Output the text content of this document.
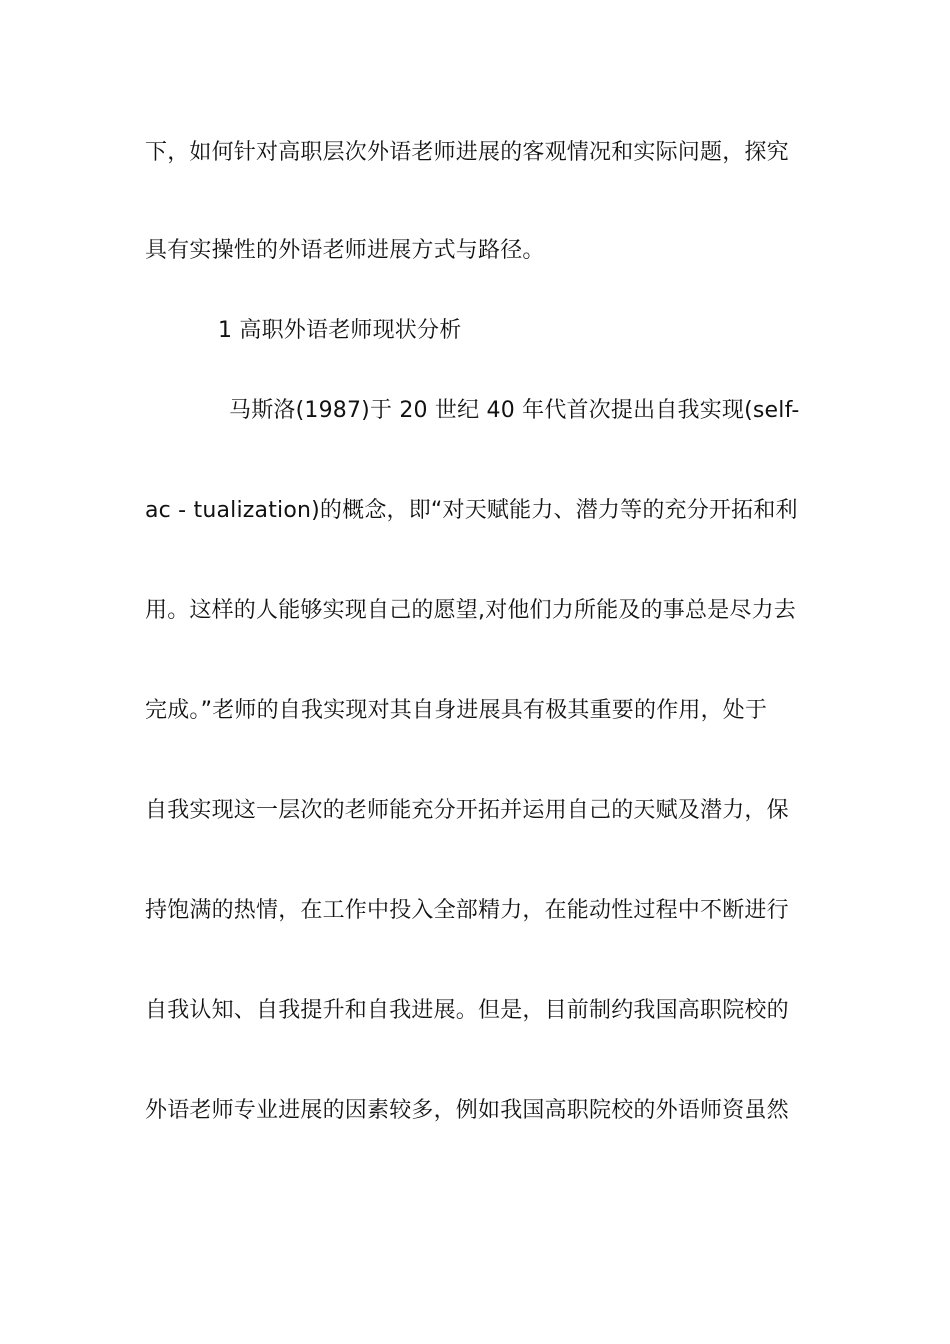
下，如何针对高职层次外语老师进展的客观情况和实际问题，探究
具有实操性的外语老师进展方式与路径。
1 高职外语老师现状分析
马斯洛(1987)于 20 世纪 40 年代首次提出自我实现(self-
ac - tualization)的概念，即“对天赋能力、潜力等的充分开拓和利
用。这样的人能够实现自己的愿望,对他们力所能及的事总是尽力去
完成。”老师的自我实现对其自身进展具有极其重要的作用，处于
自我实现这一层次的老师能充分开拓并运用自己的天赋及潜力，保
持饱满的热情，在工作中投入全部精力，在能动性过程中不断进行
自我认知、自我提升和自我进展。但是，目前制约我国高职院校的
外语老师专业进展的因素较多，例如我国高职院校的外语师资虽然
